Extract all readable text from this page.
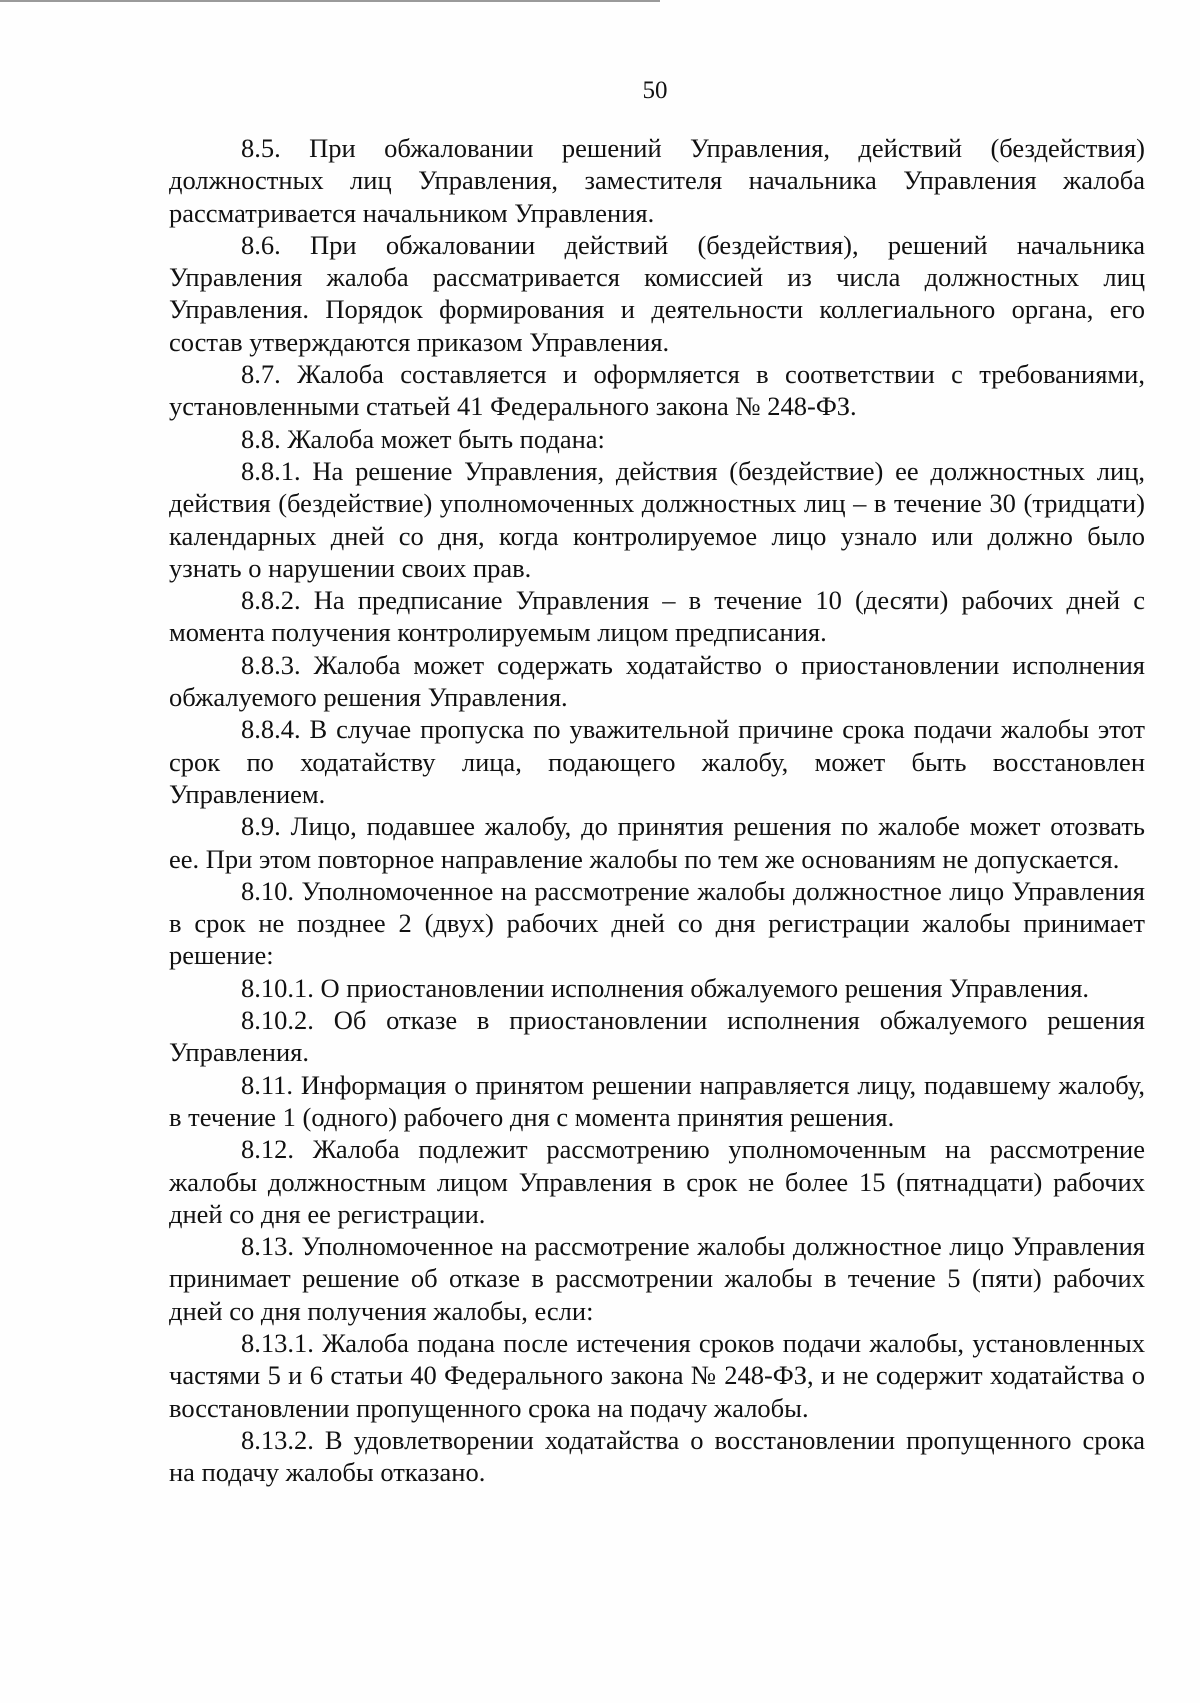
50

8.5. При обжаловании решений Управления, действий (бездействия) должностных лиц Управления, заместителя начальника Управления жалоба рассматривается начальником Управления.

8.6. При обжаловании действий (бездействия), решений начальника Управления жалоба рассматривается комиссией из числа должностных лиц Управления. Порядок формирования и деятельности коллегиального органа, его состав утверждаются приказом Управления.

8.7. Жалоба составляется и оформляется в соответствии с требованиями, установленными статьей 41 Федерального закона № 248-ФЗ.

8.8. Жалоба может быть подана:

8.8.1. На решение Управления, действия (бездействие) ее должностных лиц, действия (бездействие) уполномоченных должностных лиц – в течение 30 (тридцати) календарных дней со дня, когда контролируемое лицо узнало или должно было узнать о нарушении своих прав.

8.8.2. На предписание Управления – в течение 10 (десяти) рабочих дней с момента получения контролируемым лицом предписания.

8.8.3. Жалоба может содержать ходатайство о приостановлении исполнения обжалуемого решения Управления.

8.8.4. В случае пропуска по уважительной причине срока подачи жалобы этот срок по ходатайству лица, подающего жалобу, может быть восстановлен Управлением.

8.9. Лицо, подавшее жалобу, до принятия решения по жалобе может отозвать ее. При этом повторное направление жалобы по тем же основаниям не допускается.

8.10. Уполномоченное на рассмотрение жалобы должностное лицо Управления в срок не позднее 2 (двух) рабочих дней со дня регистрации жалобы принимает решение:

8.10.1. О приостановлении исполнения обжалуемого решения Управления.

8.10.2. Об отказе в приостановлении исполнения обжалуемого решения Управления.

8.11. Информация о принятом решении направляется лицу, подавшему жалобу, в течение 1 (одного) рабочего дня с момента принятия решения.

8.12. Жалоба подлежит рассмотрению уполномоченным на рассмотрение жалобы должностным лицом Управления в срок не более 15 (пятнадцати) рабочих дней со дня ее регистрации.

8.13. Уполномоченное на рассмотрение жалобы должностное лицо Управления принимает решение об отказе в рассмотрении жалобы в течение 5 (пяти) рабочих дней со дня получения жалобы, если:

8.13.1. Жалоба подана после истечения сроков подачи жалобы, установленных частями 5 и 6 статьи 40 Федерального закона № 248-ФЗ, и не содержит ходатайства о восстановлении пропущенного срока на подачу жалобы.

8.13.2. В удовлетворении ходатайства о восстановлении пропущенного срока на подачу жалобы отказано.
